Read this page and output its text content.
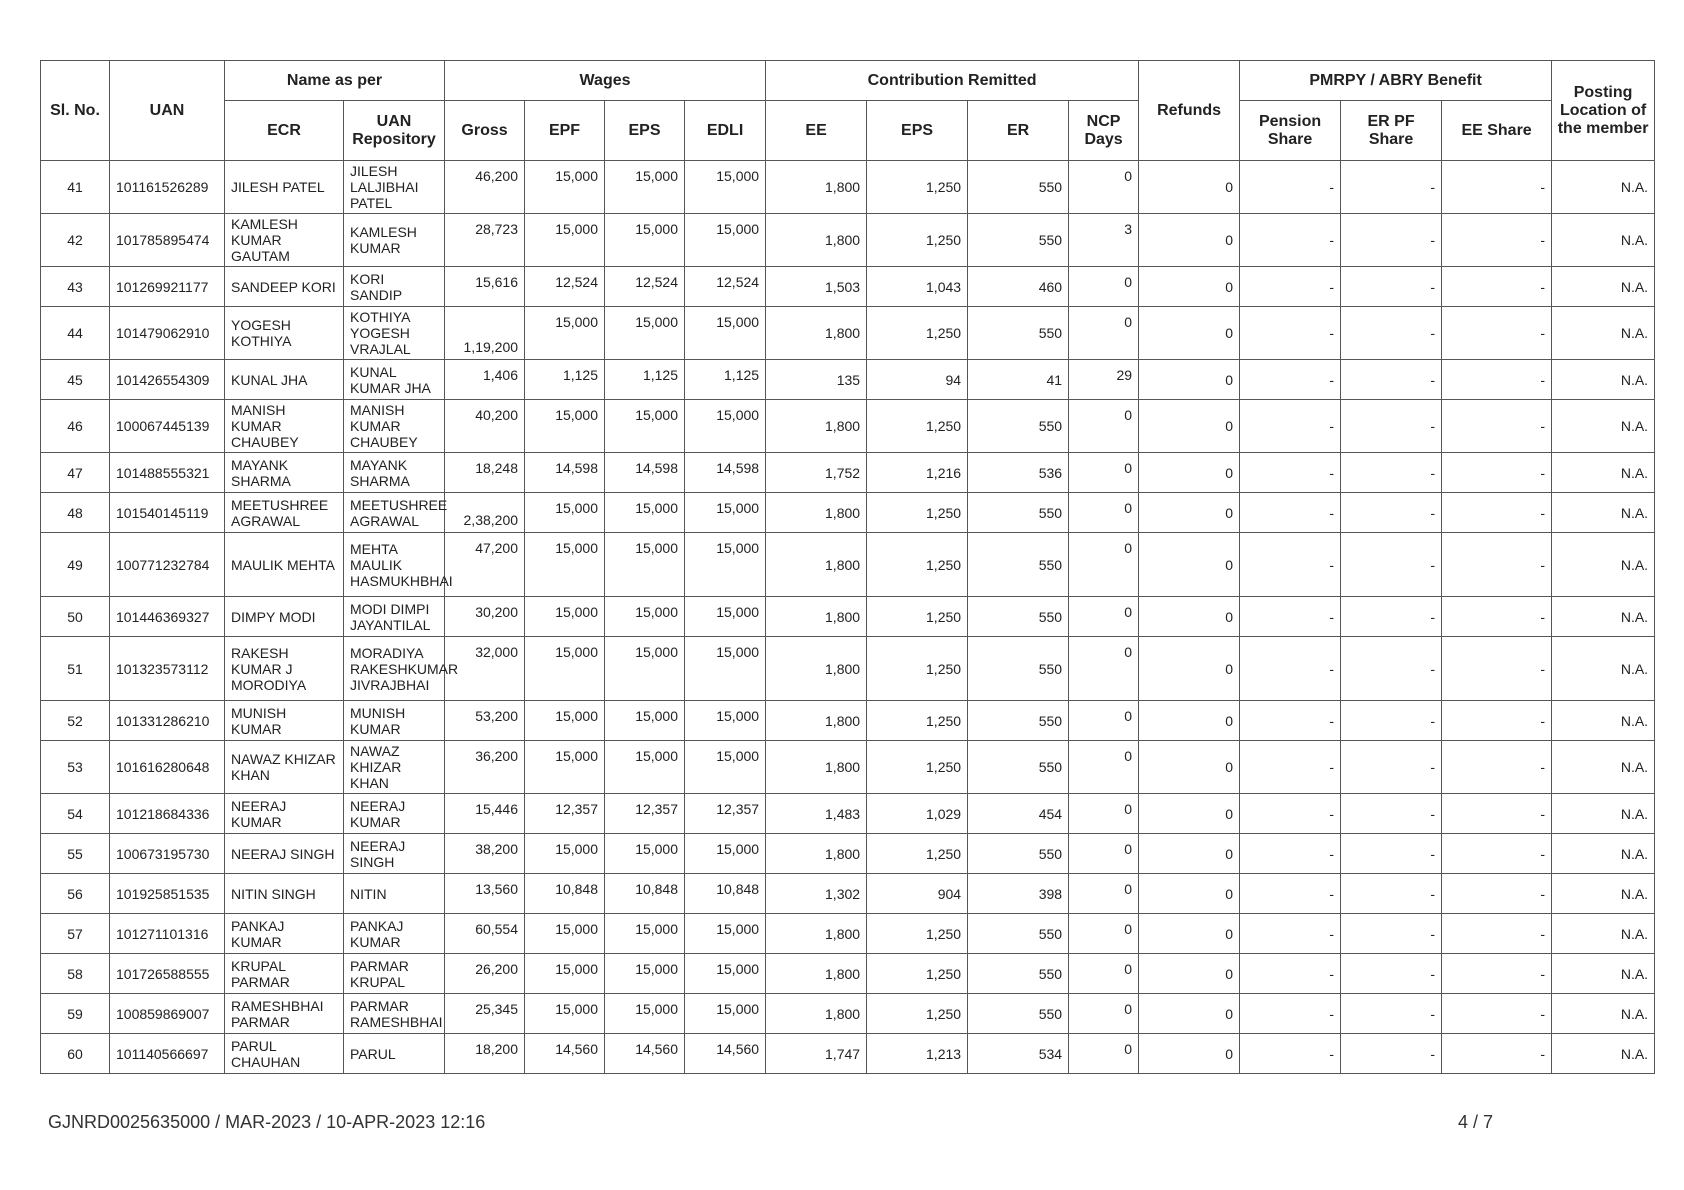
Sl. No.	UAN	Name as per		Wages				Contribution Remitted				Refunds	PMRPY / ABRY Benefit			Posting Location of the member
		ECR	UAN Repository	Gross	EPF	EPS	EDLI	EE	EPS	ER	NCP Days		Pension Share	ER PF Share	EE Share	
41	101161526289	JILESH PATEL	JILESH LALJIBHAI PATEL	46,200	15,000	15,000	15,000	1,800	1,250	550	0	0	-	-	-	N.A.
42	101785895474	KAMLESH KUMAR GAUTAM	KAMLESH KUMAR	28,723	15,000	15,000	15,000	1,800	1,250	550	3	0	-	-	-	N.A.
43	101269921177	SANDEEP KORI	KORI SANDIP	15,616	12,524	12,524	12,524	1,503	1,043	460	0	0	-	-	-	N.A.
44	101479062910	YOGESH KOTHIYA	KOTHIYA YOGESH VRAJLAL	1,19,200	15,000	15,000	15,000	1,800	1,250	550	0	0	-	-	-	N.A.
45	101426554309	KUNAL JHA	KUNAL KUMAR JHA	1,406	1,125	1,125	1,125	135	94	41	29	0	-	-	-	N.A.
46	100067445139	MANISH KUMAR CHAUBEY	MANISH KUMAR CHAUBEY	40,200	15,000	15,000	15,000	1,800	1,250	550	0	0	-	-	-	N.A.
47	101488555321	MAYANK SHARMA	MAYANK SHARMA	18,248	14,598	14,598	14,598	1,752	1,216	536	0	0	-	-	-	N.A.
48	101540145119	MEETUSHREE AGRAWAL	MEETUSHREE AGRAWAL	2,38,200	15,000	15,000	15,000	1,800	1,250	550	0	0	-	-	-	N.A.
49	100771232784	MAULIK MEHTA	MEHTA MAULIK HASMUKHBHAI	47,200	15,000	15,000	15,000	1,800	1,250	550	0	0	-	-	-	N.A.
50	101446369327	DIMPY MODI	MODI DIMPI JAYANTILAL	30,200	15,000	15,000	15,000	1,800	1,250	550	0	0	-	-	-	N.A.
51	101323573112	RAKESH KUMAR J MORODIYA	MORADIYA RAKESHKUMAR JIVRAJBHAI	32,000	15,000	15,000	15,000	1,800	1,250	550	0	0	-	-	-	N.A.
52	101331286210	MUNISH KUMAR	MUNISH KUMAR	53,200	15,000	15,000	15,000	1,800	1,250	550	0	0	-	-	-	N.A.
53	101616280648	NAWAZ KHIZAR KHAN	NAWAZ KHIZAR KHAN	36,200	15,000	15,000	15,000	1,800	1,250	550	0	0	-	-	-	N.A.
54	101218684336	NEERAJ KUMAR	NEERAJ KUMAR	15,446	12,357	12,357	12,357	1,483	1,029	454	0	0	-	-	-	N.A.
55	100673195730	NEERAJ SINGH	NEERAJ SINGH	38,200	15,000	15,000	15,000	1,800	1,250	550	0	0	-	-	-	N.A.
56	101925851535	NITIN SINGH	NITIN	13,560	10,848	10,848	10,848	1,302	904	398	0	0	-	-	-	N.A.
57	101271101316	PANKAJ KUMAR	PANKAJ KUMAR	60,554	15,000	15,000	15,000	1,800	1,250	550	0	0	-	-	-	N.A.
58	101726588555	KRUPAL PARMAR	PARMAR KRUPAL	26,200	15,000	15,000	15,000	1,800	1,250	550	0	0	-	-	-	N.A.
59	100859869007	RAMESHBHAI PARMAR	PARMAR RAMESHBHAI	25,345	15,000	15,000	15,000	1,800	1,250	550	0	0	-	-	-	N.A.
60	101140566697	PARUL CHAUHAN	PARUL	18,200	14,560	14,560	14,560	1,747	1,213	534	0	0	-	-	-	N.A.
GJNRD0025635000 / MAR-2023 / 10-APR-2023 12:16	4 / 7
